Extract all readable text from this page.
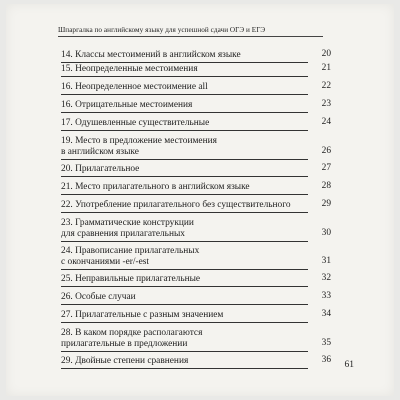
Шпаргалка по английскому языку для успешной сдачи ОГЭ и ЕГЭ
14. Классы местоимений в английском языке	20
15. Неопределенные местоимения	21
16. Неопределенное местоимение all	22
16. Отрицательные местоимения	23
17. Одушевленные существительные	24
19. Место в предложение местоимения
в английском языке	26
20. Прилагательное	27
21. Место прилагательного в английском языке	28
22. Употребление прилагательного без существительного	29
23. Грамматические конструкции
для сравнения прилагательных	30
24. Правописание прилагательных
с окончаниями -er/-est	31
25. Неправильные прилагательные	32
26. Особые случаи	33
27. Прилагательные с разным значением	34
28. В каком порядке располагаются
прилагательные в предложении	35
29. Двойные степени сравнения	36 61
